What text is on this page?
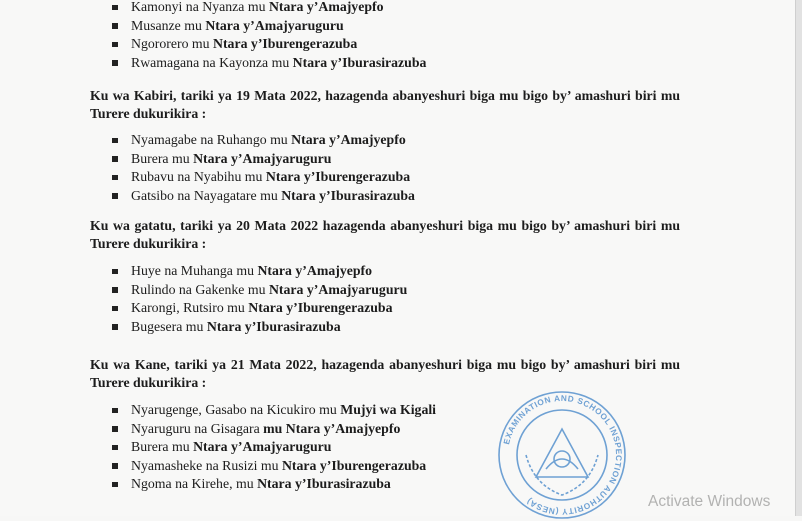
Kamonyi na Nyanza mu Ntara y’Amajyepfo
Musanze mu Ntara y’Amajyaruguru
Ngororero mu Ntara y’Iburengerazuba
Rwamagana na Kayonza mu Ntara y’Iburasirazuba

Ku wa Kabiri, tariki ya 19 Mata 2022, hazagenda abanyeshuri biga mu bigo by’ amashuri biri mu Turere dukurikira :

Nyamagabe na Ruhango mu Ntara y’Amajyepfo
Burera mu Ntara y’Amajyaruguru
Rubavu na Nyabihu mu Ntara y’Iburengerazuba
Gatsibo na Nayagatare mu Ntara y’Iburasirazuba

Ku wa gatatu, tariki ya 20 Mata 2022 hazagenda abanyeshuri biga mu bigo by’ amashuri biri mu Turere dukurikira :

Huye na Muhanga mu Ntara y’Amajyepfo
Rulindo na Gakenke mu Ntara y’Amajyaruguru
Karongi, Rutsiro mu Ntara y’Iburengerazuba
Bugesera mu Ntara y’Iburasirazuba

Ku wa Kane, tariki ya 21 Mata 2022, hazagenda abanyeshuri biga mu bigo by’ amashuri biri mu Turere dukurikira :

Nyarugenge, Gasabo na Kicukiro mu Mujyi wa Kigali
Nyaruguru na Gisagara mu Ntara y’Amajyepfo
Burera mu Ntara y’Amajyaruguru
Nyamasheke na Rusizi mu Ntara y’Iburengerazuba
Ngoma na Kirehe, mu Ntara y’Iburasirazuba
EXAMINATION AND SCHOOL INSPECTION AUTHORITY (NESA)	Activate Windows
